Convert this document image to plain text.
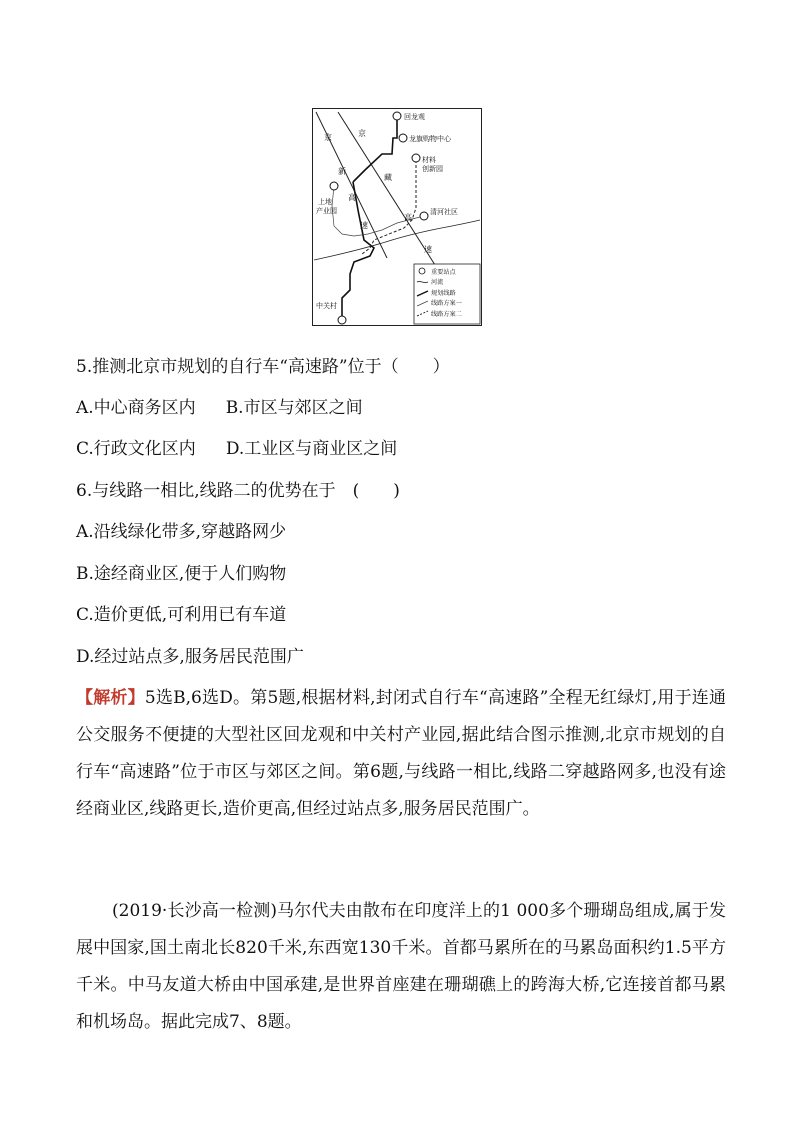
回龙观
龙旗购物中心
材料
创新园
上地
产业园	清河社区
中关村
京	京
新
高
速
藏
高
速
重要站点
河流
规划线路
线路方案一
线路方案二
5.推测北京市规划的自行车“高速路”位于（　　）
A.中心商务区内 B.市区与郊区之间
C.行政文化区内 D.工业区与商业区之间
6.与线路一相比,线路二的优势在于　(　　)
A.沿线绿化带多,穿越路网少
B.途经商业区,便于人们购物
C.造价更低,可利用已有车道
D.经过站点多,服务居民范围广
【解析】5选B,6选D。第5题,根据材料,封闭式自行车“高速路”全程无红绿灯,用于连通公交服务不便捷的大型社区回龙观和中关村产业园,据此结合图示推测,北京市规划的自行车“高速路”位于市区与郊区之间。第6题,与线路一相比,线路二穿越路网多,也没有途经商业区,线路更长,造价更高,但经过站点多,服务居民范围广。
(2019·长沙高一检测)马尔代夫由散布在印度洋上的1 000多个珊瑚岛组成,属于发展中国家,国土南北长820千米,东西宽130千米。首都马累所在的马累岛面积约1.5平方千米。中马友道大桥由中国承建,是世界首座建在珊瑚礁上的跨海大桥,它连接首都马累和机场岛。据此完成7、8题。
